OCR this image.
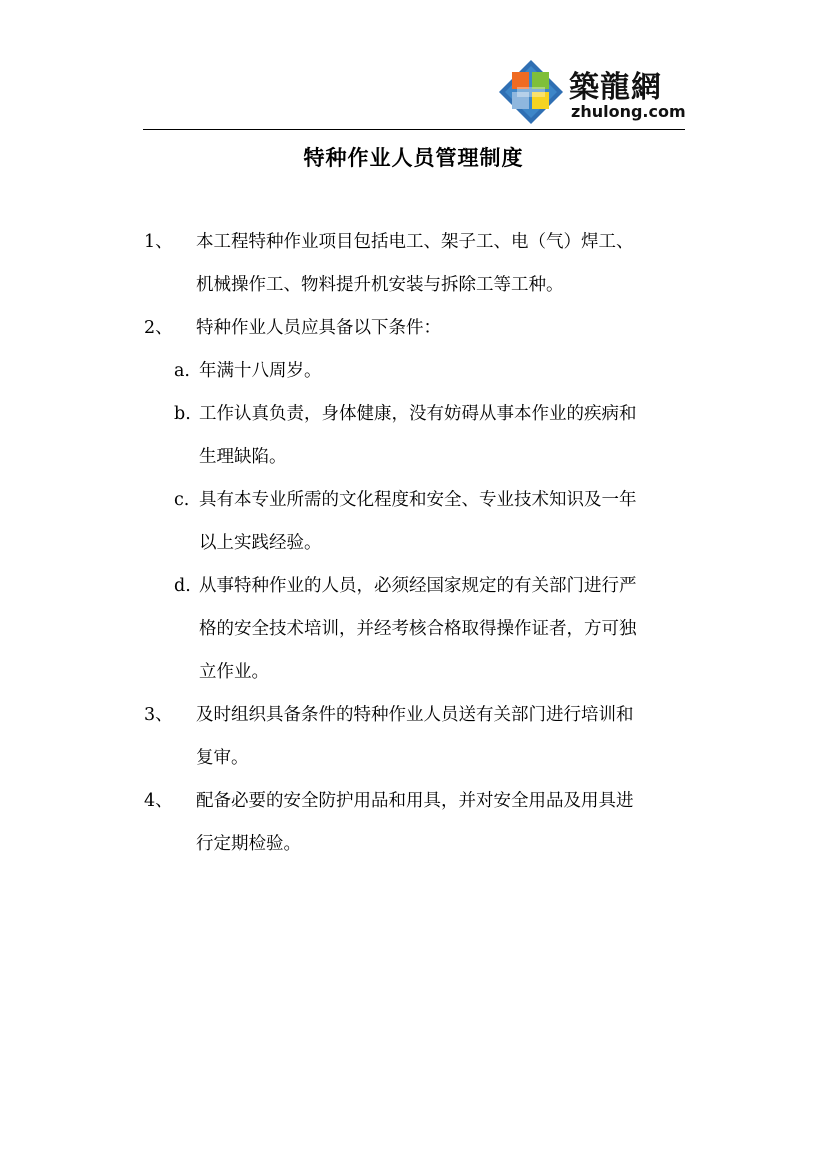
築龍網
zhulong.com
特种作业人员管理制度
1、 本工程特种作业项目包括电工、架子工、电（气）焊工、
机械操作工、物料提升机安装与拆除工等工种。
2、 特种作业人员应具备以下条件：
a. 年满十八周岁。
b. 工作认真负责，身体健康，没有妨碍从事本作业的疾病和
生理缺陷。
c. 具有本专业所需的文化程度和安全、专业技术知识及一年
以上实践经验。
d. 从事特种作业的人员，必须经国家规定的有关部门进行严
格的安全技术培训，并经考核合格取得操作证者，方可独
立作业。
3、 及时组织具备条件的特种作业人员送有关部门进行培训和
复审。
4、 配备必要的安全防护用品和用具，并对安全用品及用具进
行定期检验。
